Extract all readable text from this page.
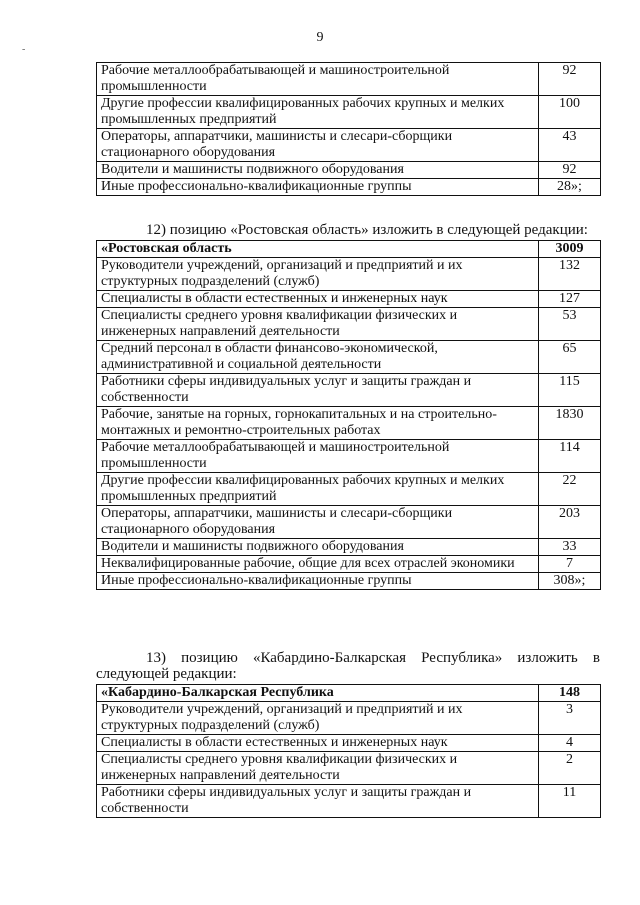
9
-
Рабочие металлообрабатывающей и машиностроительной промышленности	92
Другие профессии квалифицированных рабочих крупных и мелких промышленных предприятий	100
Операторы, аппаратчики, машинисты и слесари-сборщики стационарного оборудования	43
Водители и машинисты подвижного оборудования	92
Иные профессионально-квалификационные группы	28»;
12) позицию «Ростовская область» изложить в следующей редакции:
«Ростовская область	3009
Руководители учреждений, организаций и предприятий и их структурных подразделений (служб)	132
Специалисты в области естественных и инженерных наук	127
Специалисты среднего уровня квалификации физических и инженерных направлений деятельности	53
Средний персонал в области финансово-экономической, административной и социальной деятельности	65
Работники сферы индивидуальных услуг и защиты граждан и собственности	115
Рабочие, занятые на горных, горнокапитальных и на строительно-монтажных и ремонтно-строительных работах	1830
Рабочие металлообрабатывающей и машиностроительной промышленности	114
Другие профессии квалифицированных рабочих крупных и мелких промышленных предприятий	22
Операторы, аппаратчики, машинисты и слесари-сборщики стационарного оборудования	203
Водители и машинисты подвижного оборудования	33
Неквалифицированные рабочие, общие для всех отраслей экономики	7
Иные профессионально-квалификационные группы	308»;
13) позицию «Кабардино-Балкарская Республика» изложить в
следующей редакции:
«Кабардино-Балкарская Республика	148
Руководители учреждений, организаций и предприятий и их структурных подразделений (служб)	3
Специалисты в области естественных и инженерных наук	4
Специалисты среднего уровня квалификации физических и инженерных направлений деятельности	2
Работники сферы индивидуальных услуг и защиты граждан и собственности	11
